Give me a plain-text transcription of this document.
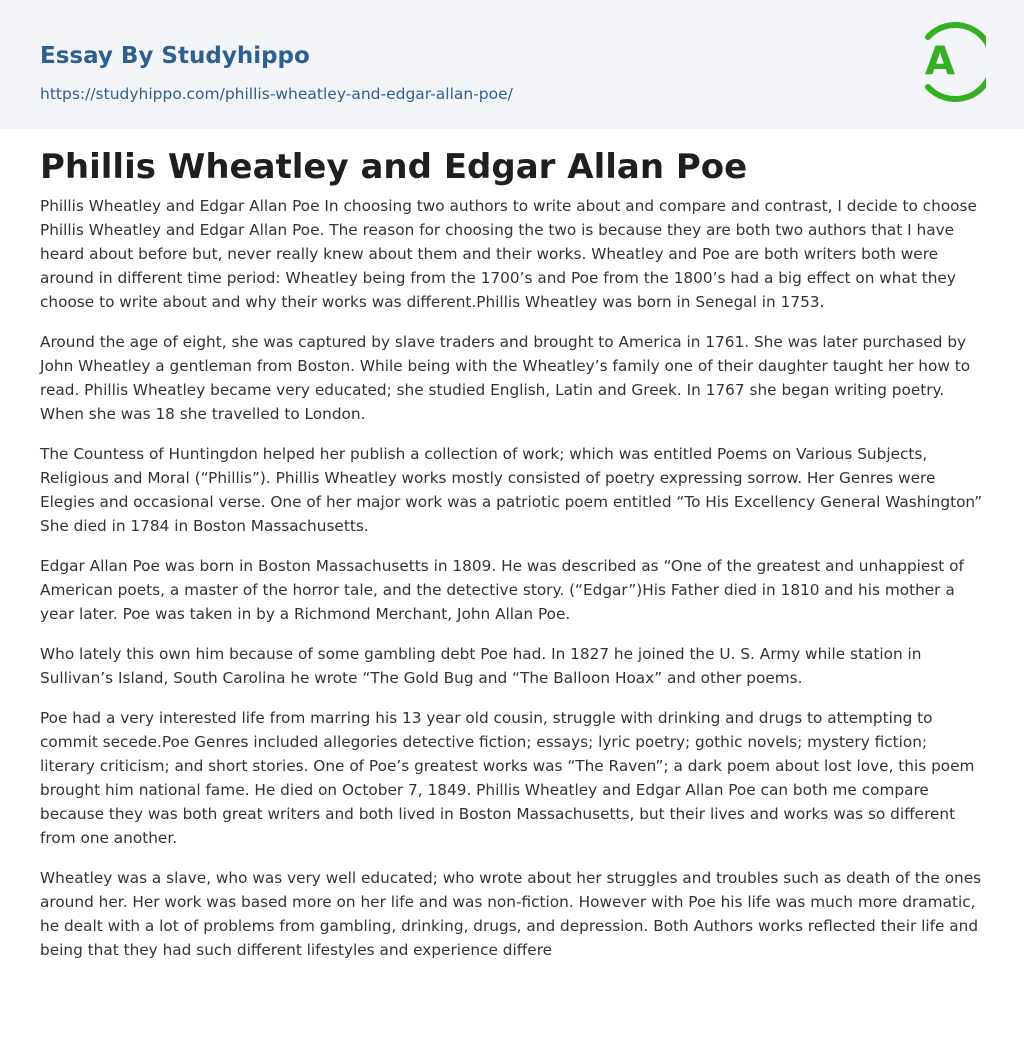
Essay By Studyhippo
https://studyhippo.com/phillis-wheatley-and-edgar-allan-poe/
A
Phillis Wheatley and Edgar Allan Poe

Phillis Wheatley and Edgar Allan Poe In choosing two authors to write about and compare and contrast, I decide to choose Phillis Wheatley and Edgar Allan Poe. The reason for choosing the two is because they are both two authors that I have heard about before but, never really knew about them and their works. Wheatley and Poe are both writers both were around in different time period: Wheatley being from the 1700’s and Poe from the 1800’s had a big effect on what they choose to write about and why their works was different.Phillis Wheatley was born in Senegal in 1753.

Around the age of eight, she was captured by slave traders and brought to America in 1761. She was later purchased by John Wheatley a gentleman from Boston. While being with the Wheatley’s family one of their daughter taught her how to read. Phillis Wheatley became very educated; she studied English, Latin and Greek. In 1767 she began writing poetry. When she was 18 she travelled to London.

The Countess of Huntingdon helped her publish a collection of work; which was entitled Poems on Various Subjects, Religious and Moral (“Phillis”). Phillis Wheatley works mostly consisted of poetry expressing sorrow. Her Genres were Elegies and occasional verse. One of her major work was a patriotic poem entitled “To His Excellency General Washington” She died in 1784 in Boston Massachusetts.

Edgar Allan Poe was born in Boston Massachusetts in 1809. He was described as “One of the greatest and unhappiest of American poets, a master of the horror tale, and the detective story. (“Edgar”)His Father died in 1810 and his mother a year later. Poe was taken in by a Richmond Merchant, John Allan Poe.

Who lately this own him because of some gambling debt Poe had. In 1827 he joined the U. S. Army while station in Sullivan’s Island, South Carolina he wrote “The Gold Bug and “The Balloon Hoax” and other poems.

Poe had a very interested life from marring his 13 year old cousin, struggle with drinking and drugs to attempting to commit secede.Poe Genres included allegories detective fiction; essays; lyric poetry; gothic novels; mystery fiction; literary criticism; and short stories. One of Poe’s greatest works was “The Raven”; a dark poem about lost love, this poem brought him national fame. He died on October 7, 1849. Phillis Wheatley and Edgar Allan Poe can both me compare because they was both great writers and both lived in Boston Massachusetts, but their lives and works was so different from one another.

Wheatley was a slave, who was very well educated; who wrote about her struggles and troubles such as death of the ones around her. Her work was based more on her life and was non-fiction. However with Poe his life was much more dramatic, he dealt with a lot of problems from gambling, drinking, drugs, and depression. Both Authors works reflected their life and being that they had such different lifestyles and experience differe
